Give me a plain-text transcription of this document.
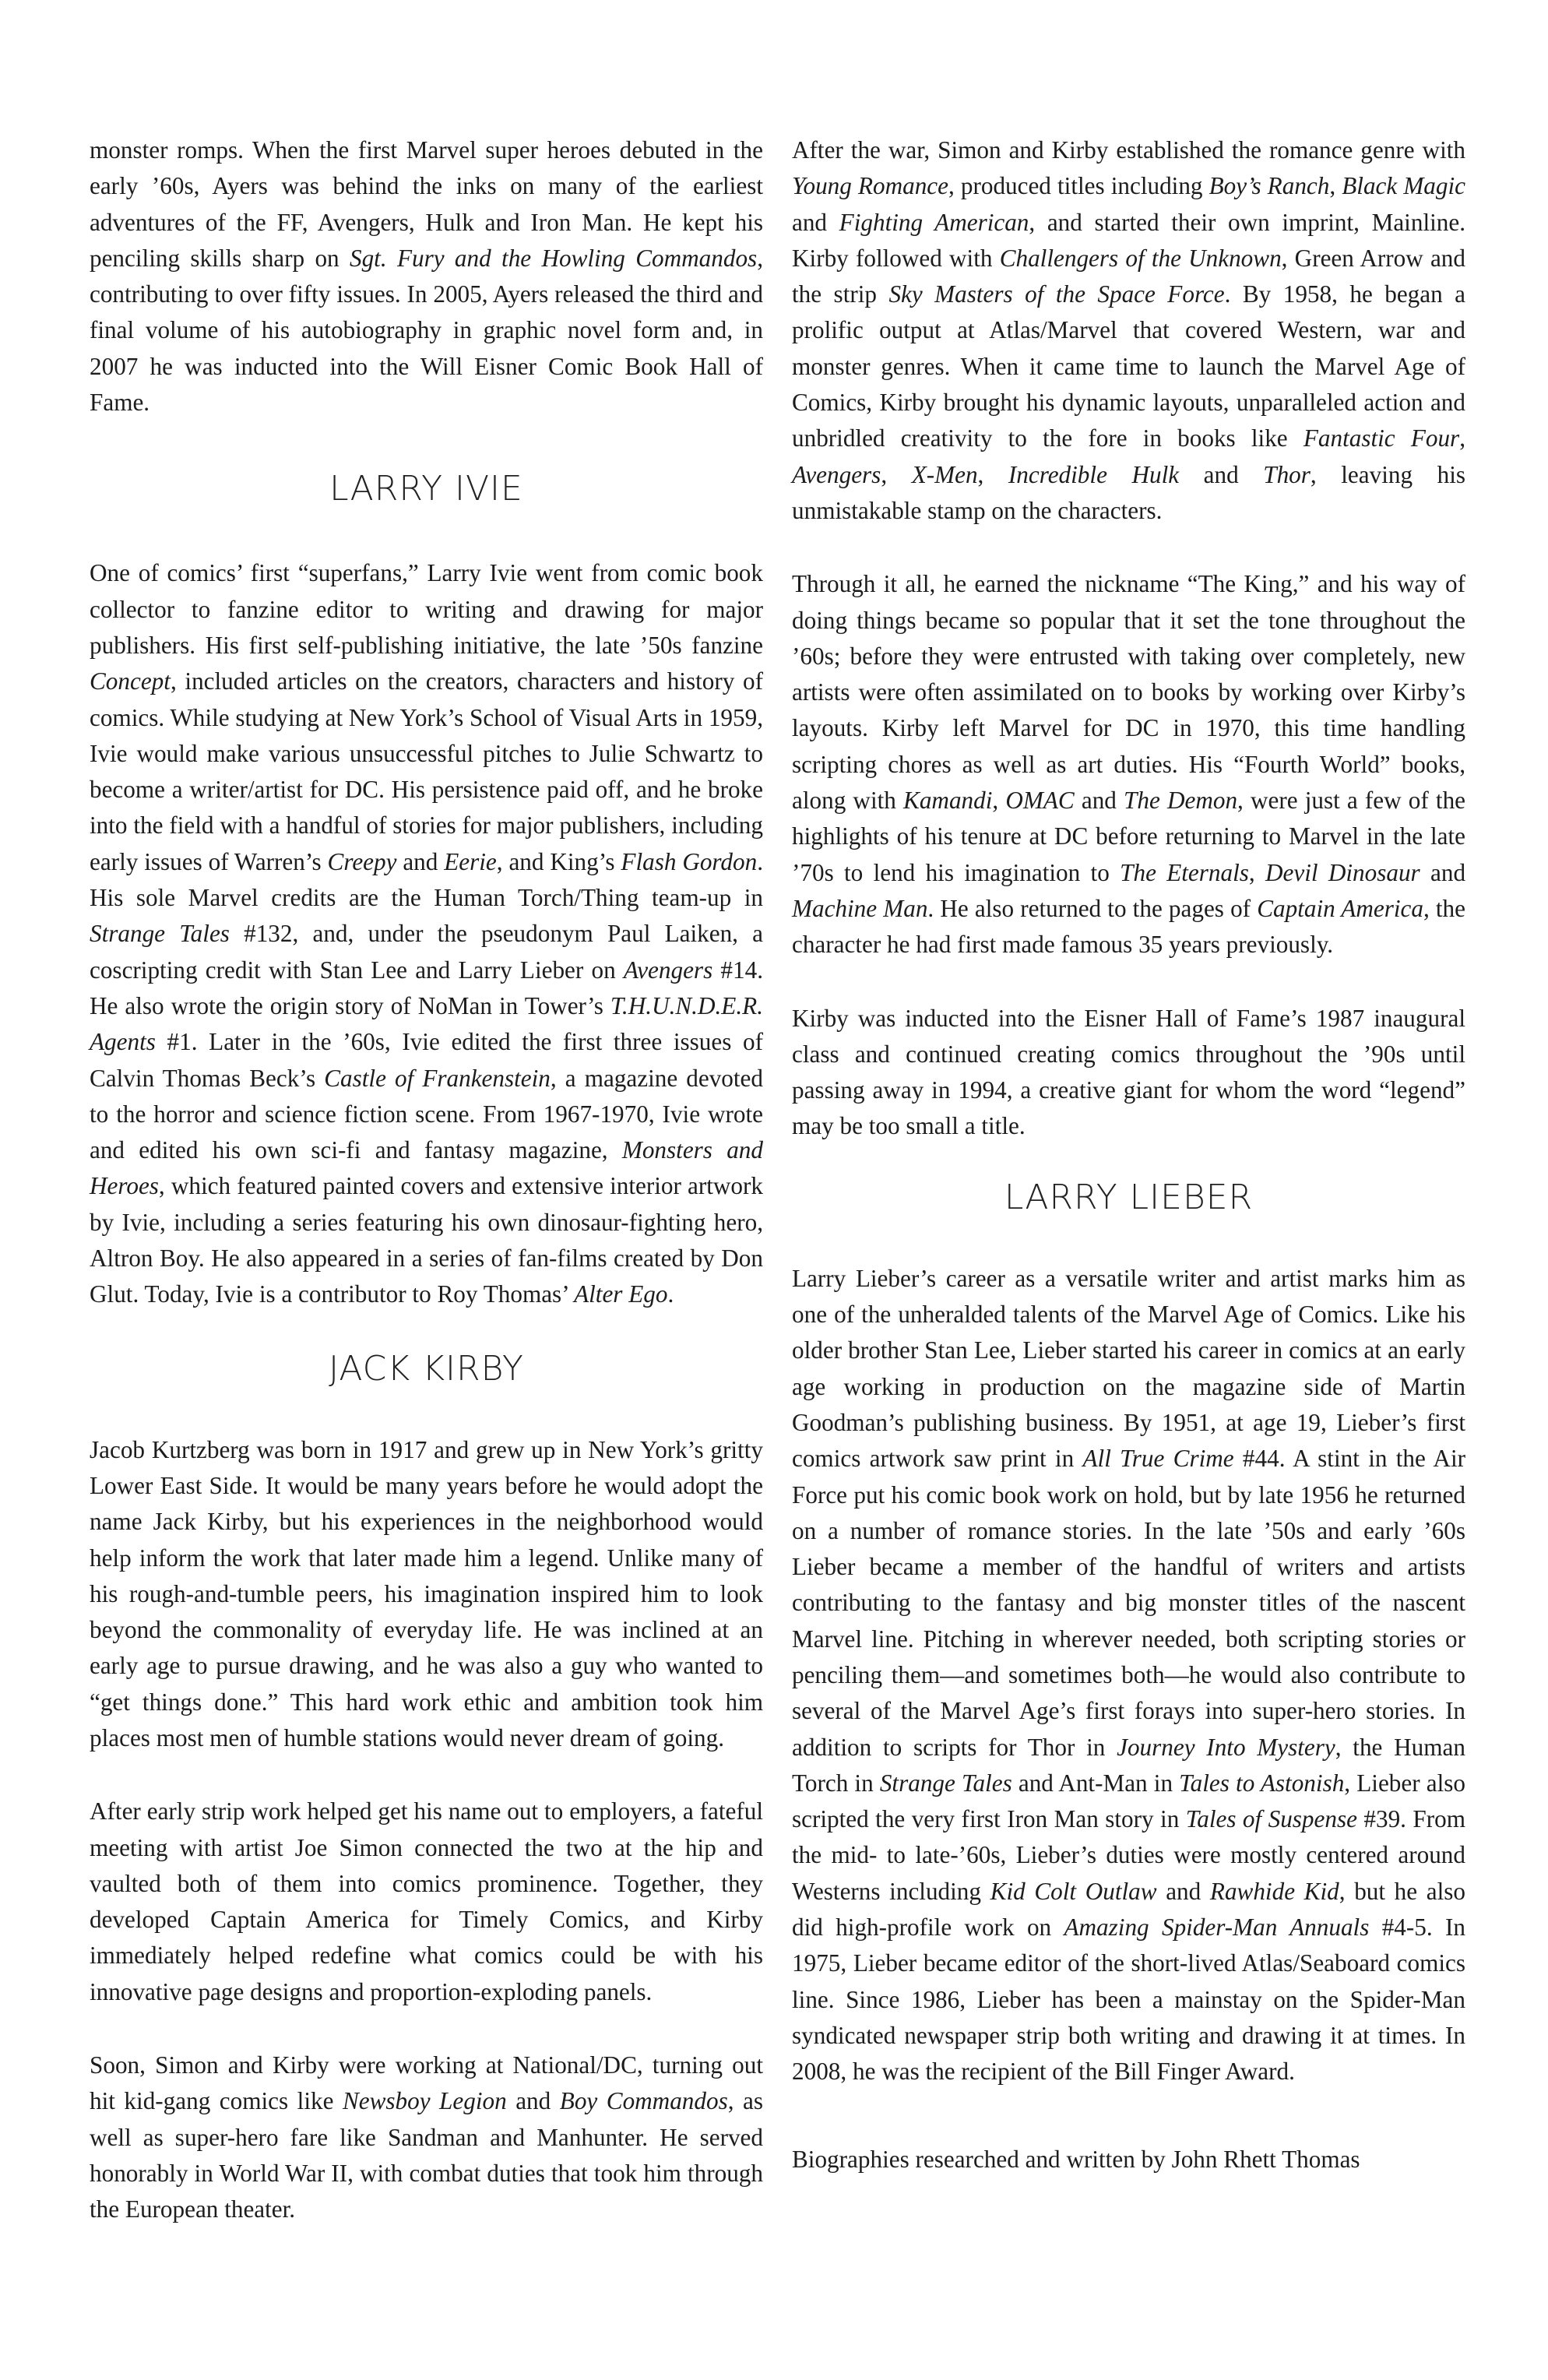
monster romps. When the first Marvel super heroes debuted in the early ’60s, Ayers was behind the inks on many of the earliest adventures of the FF, Avengers, Hulk and Iron Man. He kept his penciling skills sharp on Sgt. Fury and the Howling Commandos, contributing to over fifty issues. In 2005, Ayers released the third and final volume of his autobiography in graphic novel form and, in 2007 he was inducted into the Will Eisner Comic Book Hall of Fame.

LARRY IVIE

One of comics’ first “superfans,” Larry Ivie went from comic book collector to fanzine editor to writing and drawing for major publishers. His first self-publishing initiative, the late ’50s fanzine Concept, included articles on the creators, characters and history of comics. While studying at New York’s School of Visual Arts in 1959, Ivie would make various unsuccessful pitches to Julie Schwartz to become a writer/artist for DC. His persistence paid off, and he broke into the field with a handful of stories for major publishers, including early issues of Warren’s Creepy and Eerie, and King’s Flash Gordon. His sole Marvel credits are the Human Torch/Thing team-up in Strange Tales #132, and, under the pseudonym Paul Laiken, a coscripting credit with Stan Lee and Larry Lieber on Avengers #14. He also wrote the origin story of NoMan in Tower’s T.H.U.N.D.E.R. Agents #1. Later in the ’60s, Ivie edited the first three issues of Calvin Thomas Beck’s Castle of Frankenstein, a magazine devoted to the horror and science fiction scene. From 1967-1970, Ivie wrote and edited his own sci-fi and fantasy magazine, Monsters and Heroes, which featured painted covers and extensive interior artwork by Ivie, including a series featuring his own dinosaur-fighting hero, Altron Boy. He also appeared in a series of fan-films created by Don Glut. Today, Ivie is a contributor to Roy Thomas’ Alter Ego.

JACK KIRBY

Jacob Kurtzberg was born in 1917 and grew up in New York’s gritty Lower East Side. It would be many years before he would adopt the name Jack Kirby, but his experiences in the neighborhood would help inform the work that later made him a legend. Unlike many of his rough-and-tumble peers, his imagination inspired him to look beyond the commonality of everyday life. He was inclined at an early age to pursue drawing, and he was also a guy who wanted to “get things done.” This hard work ethic and ambition took him places most men of humble stations would never dream of going.

After early strip work helped get his name out to employers, a fateful meeting with artist Joe Simon connected the two at the hip and vaulted both of them into comics prominence. Together, they developed Captain America for Timely Comics, and Kirby immediately helped redefine what comics could be with his innovative page designs and proportion-exploding panels.

Soon, Simon and Kirby were working at National/DC, turning out hit kid-gang comics like Newsboy Legion and Boy Commandos, as well as super-hero fare like Sandman and Manhunter. He served honorably in World War II, with combat duties that took him through the European theater.

After the war, Simon and Kirby established the romance genre with Young Romance, produced titles including Boy’s Ranch, Black Magic and Fighting American, and started their own imprint, Mainline. Kirby followed with Challengers of the Unknown, Green Arrow and the strip Sky Masters of the Space Force. By 1958, he began a prolific output at Atlas/Marvel that covered Western, war and monster genres. When it came time to launch the Marvel Age of Comics, Kirby brought his dynamic layouts, unparalleled action and unbridled creativity to the fore in books like Fantastic Four, Avengers, X-Men, Incredible Hulk and Thor, leaving his unmistakable stamp on the characters.

Through it all, he earned the nickname “The King,” and his way of doing things became so popular that it set the tone throughout the ’60s; before they were entrusted with taking over completely, new artists were often assimilated on to books by working over Kirby’s layouts. Kirby left Marvel for DC in 1970, this time handling scripting chores as well as art duties. His “Fourth World” books, along with Kamandi, OMAC and The Demon, were just a few of the highlights of his tenure at DC before returning to Marvel in the late ’70s to lend his imagination to The Eternals, Devil Dinosaur and Machine Man. He also returned to the pages of Captain America, the character he had first made famous 35 years previously.

Kirby was inducted into the Eisner Hall of Fame’s 1987 inaugural class and continued creating comics throughout the ’90s until passing away in 1994, a creative giant for whom the word “legend” may be too small a title.

LARRY LIEBER

Larry Lieber’s career as a versatile writer and artist marks him as one of the unheralded talents of the Marvel Age of Comics. Like his older brother Stan Lee, Lieber started his career in comics at an early age working in production on the magazine side of Martin Goodman’s publishing business. By 1951, at age 19, Lieber’s first comics artwork saw print in All True Crime #44. A stint in the Air Force put his comic book work on hold, but by late 1956 he returned on a number of romance stories. In the late ’50s and early ’60s Lieber became a member of the handful of writers and artists contributing to the fantasy and big monster titles of the nascent Marvel line. Pitching in wherever needed, both scripting stories or penciling them—and sometimes both—he would also contribute to several of the Marvel Age’s first forays into super-hero stories. In addition to scripts for Thor in Journey Into Mystery, the Human Torch in Strange Tales and Ant-Man in Tales to Astonish, Lieber also scripted the very first Iron Man story in Tales of Suspense #39. From the mid- to late-’60s, Lieber’s duties were mostly centered around Westerns including Kid Colt Outlaw and Rawhide Kid, but he also did high-profile work on Amazing Spider-Man Annuals #4-5. In 1975, Lieber became editor of the short-lived Atlas/Seaboard comics line. Since 1986, Lieber has been a mainstay on the Spider-Man syndicated newspaper strip both writing and drawing it at times. In 2008, he was the recipient of the Bill Finger Award.

Biographies researched and written by John Rhett Thomas
